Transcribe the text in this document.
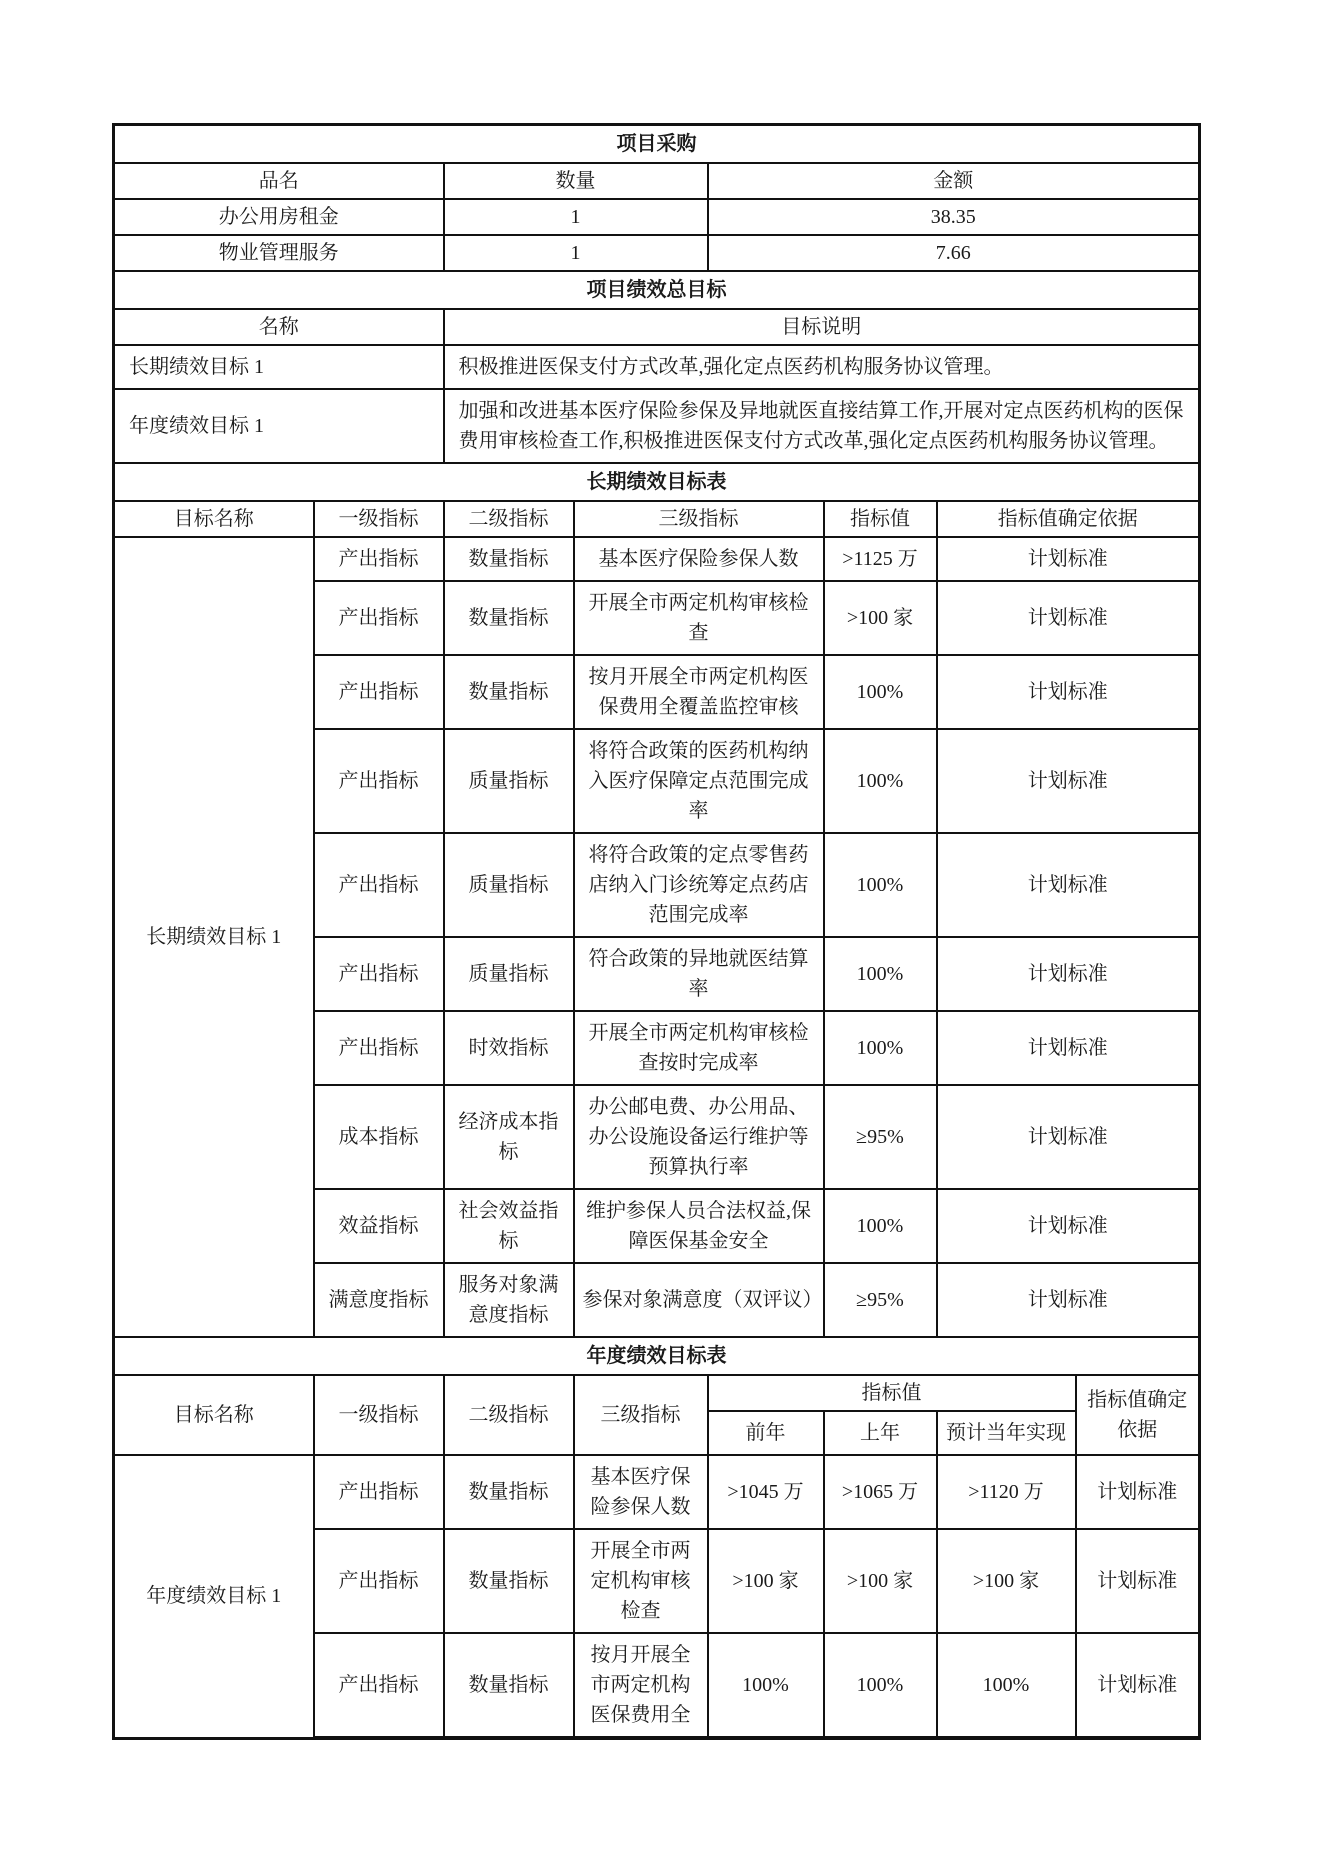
项目采购							
品名		数量		金额			
办公用房租金		1		38.35			
物业管理服务		1		7.66			
项目绩效总目标							
名称		目标说明					
长期绩效目标 1		积极推进医保支付方式改革,强化定点医药机构服务协议管理。					
年度绩效目标 1		加强和改进基本医疗保险参保及异地就医直接结算工作,开展对定点医药机构的医保费用审核检查工作,积极推进医保支付方式改革,强化定点医药机构服务协议管理。					
长期绩效目标表							
目标名称	一级指标	二级指标	三级指标		指标值	指标值确定依据	
长期绩效目标 1	产出指标	数量指标	基本医疗保险参保人数		>1125 万	计划标准	
	产出指标	数量指标	开展全市两定机构审核检查		>100 家	计划标准	
	产出指标	数量指标	按月开展全市两定机构医保费用全覆盖监控审核		100%	计划标准	
	产出指标	质量指标	将符合政策的医药机构纳入医疗保障定点范围完成率		100%	计划标准	
	产出指标	质量指标	将符合政策的定点零售药店纳入门诊统筹定点药店范围完成率		100%	计划标准	
	产出指标	质量指标	符合政策的异地就医结算率		100%	计划标准	
	产出指标	时效指标	开展全市两定机构审核检查按时完成率		100%	计划标准	
	成本指标	经济成本指标	办公邮电费、办公用品、办公设施设备运行维护等预算执行率		≥95%	计划标准	
	效益指标	社会效益指标	维护参保人员合法权益,保障医保基金安全		100%	计划标准	
	满意度指标	服务对象满意度指标	参保对象满意度（双评议）		≥95%	计划标准	
年度绩效目标表							
目标名称	一级指标	二级指标	三级指标	指标值			指标值确定依据
				前年	上年	预计当年实现	
年度绩效目标 1	产出指标	数量指标	基本医疗保险参保人数	>1045 万	>1065 万	>1120 万	计划标准
	产出指标	数量指标	开展全市两定机构审核检查	>100 家	>100 家	>100 家	计划标准
	产出指标	数量指标	按月开展全市两定机构医保费用全	100%	100%	100%	计划标准
